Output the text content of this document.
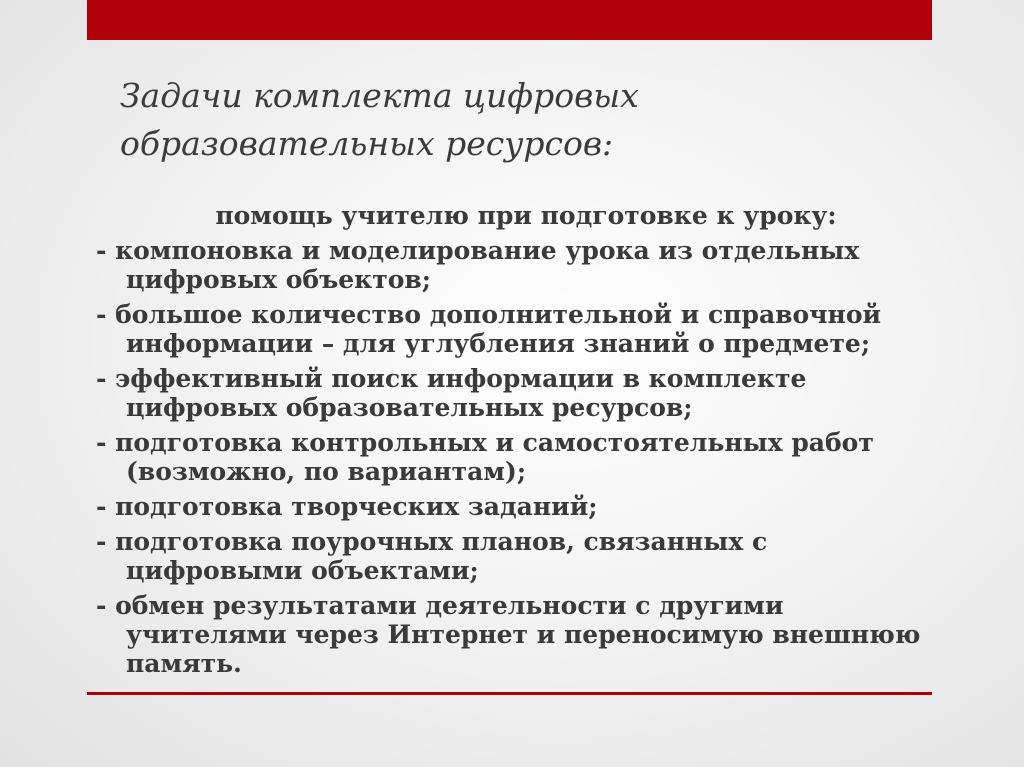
Задачи комплекта цифровых
образовательных ресурсов:
помощь учителю при подготовке к уроку:
- компоновка и моделирование урока из отдельных цифровых объектов;
- большое количество дополнительной и справочной информации – для углубления знаний о предмете;
- эффективный поиск информации в комплекте цифровых образовательных ресурсов;
- подготовка контрольных и самостоятельных работ (возможно, по вариантам);
- подготовка творческих заданий;
- подготовка поурочных планов, связанных с цифровыми объектами;
- обмен результатами деятельности с другими учителями через Интернет и переносимую внешнюю память.
